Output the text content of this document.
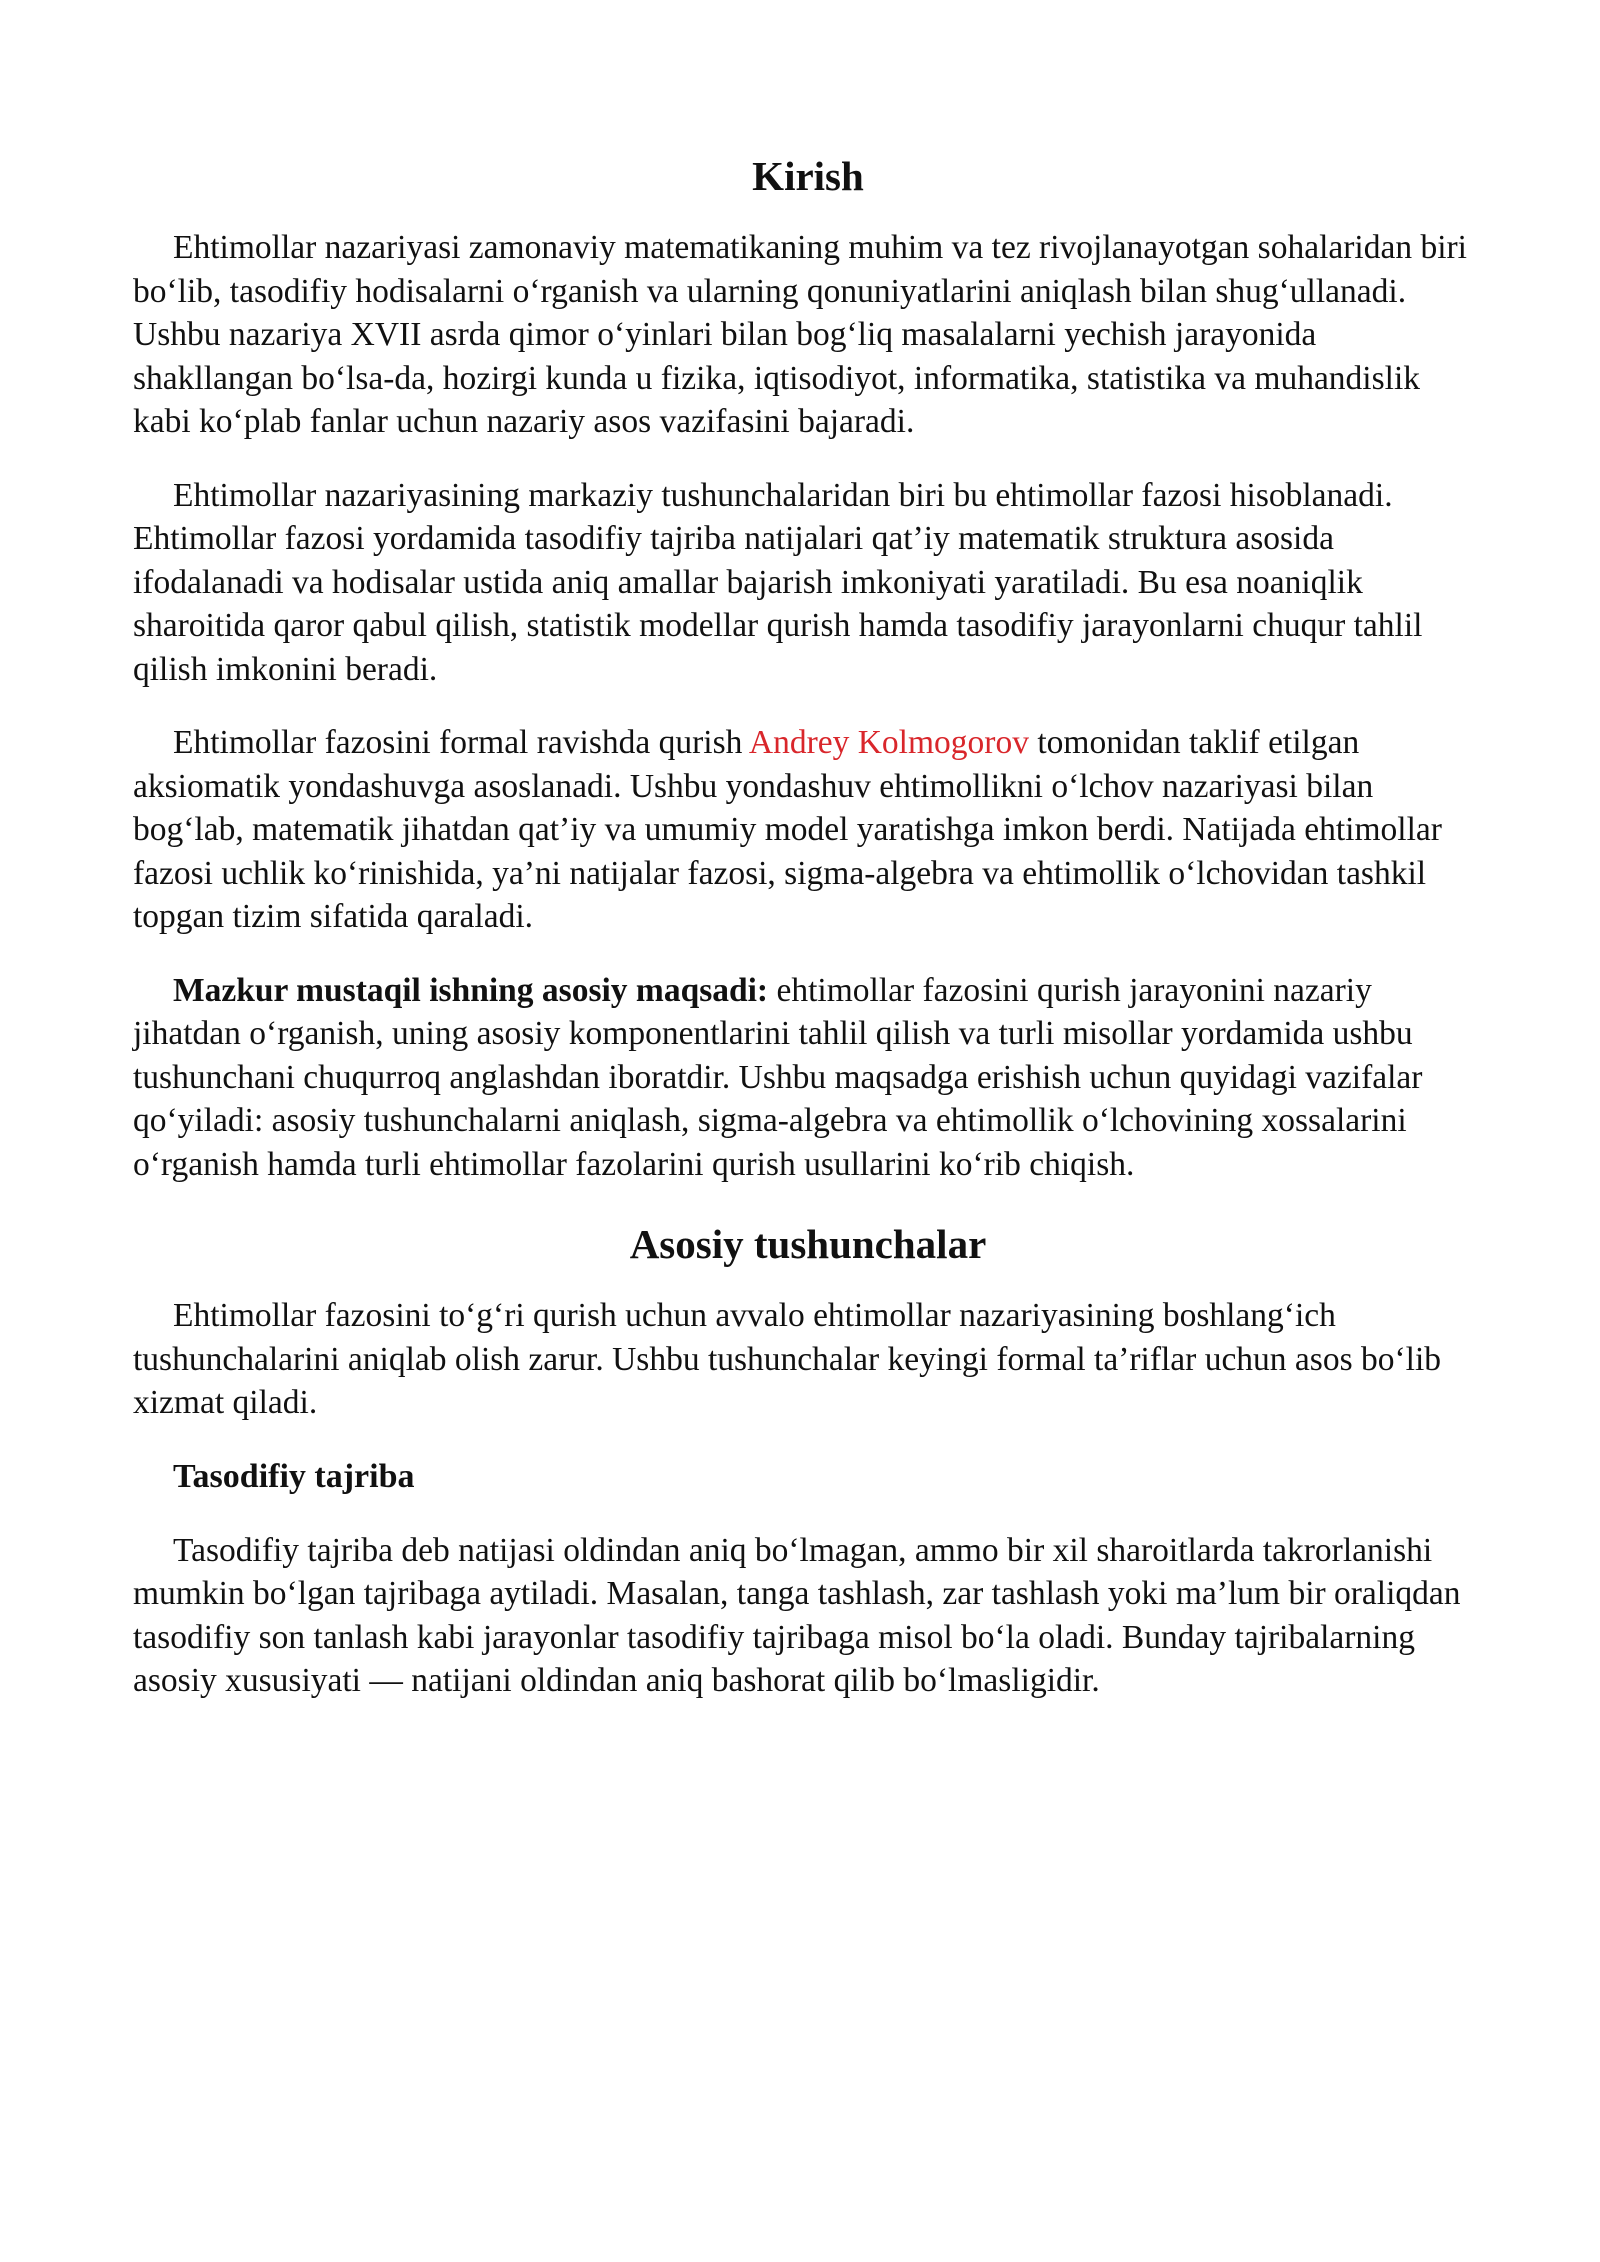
Kirish

Ehtimollar nazariyasi zamonaviy matematikaning muhim va tez rivojlanayotgan sohalaridan biri bo‘lib, tasodifiy hodisalarni o‘rganish va ularning qonuniyatlarini aniqlash bilan shug‘ullanadi. Ushbu nazariya XVII asrda qimor o‘yinlari bilan bog‘liq masalalarni yechish jarayonida shakllangan bo‘lsa-da, hozirgi kunda u fizika, iqtisodiyot, informatika, statistika va muhandislik kabi ko‘plab fanlar uchun nazariy asos vazifasini bajaradi.

Ehtimollar nazariyasining markaziy tushunchalaridan biri bu ehtimollar fazosi hisoblanadi. Ehtimollar fazosi yordamida tasodifiy tajriba natijalari qat’iy matematik struktura asosida ifodalanadi va hodisalar ustida aniq amallar bajarish imkoniyati yaratiladi. Bu esa noaniqlik sharoitida qaror qabul qilish, statistik modellar qurish hamda tasodifiy jarayonlarni chuqur tahlil qilish imkonini beradi.

Ehtimollar fazosini formal ravishda qurish Andrey Kolmogorov tomonidan taklif etilgan aksiomatik yondashuvga asoslanadi. Ushbu yondashuv ehtimollikni o‘lchov nazariyasi bilan bog‘lab, matematik jihatdan qat’iy va umumiy model yaratishga imkon berdi. Natijada ehtimollar fazosi uchlik ko‘rinishida, ya’ni natijalar fazosi, sigma-algebra va ehtimollik o‘lchovidan tashkil topgan tizim sifatida qaraladi.

Mazkur mustaqil ishning asosiy maqsadi: ehtimollar fazosini qurish jarayonini nazariy jihatdan o‘rganish, uning asosiy komponentlarini tahlil qilish va turli misollar yordamida ushbu tushunchani chuqurroq anglashdan iboratdir. Ushbu maqsadga erishish uchun quyidagi vazifalar qo‘yiladi: asosiy tushunchalarni aniqlash, sigma-algebra va ehtimollik o‘lchovining xossalarini o‘rganish hamda turli ehtimollar fazolarini qurish usullarini ko‘rib chiqish.

Asosiy tushunchalar

Ehtimollar fazosini to‘g‘ri qurish uchun avvalo ehtimollar nazariyasining boshlang‘ich tushunchalarini aniqlab olish zarur. Ushbu tushunchalar keyingi formal ta’riflar uchun asos bo‘lib xizmat qiladi.

Tasodifiy tajriba

Tasodifiy tajriba deb natijasi oldindan aniq bo‘lmagan, ammo bir xil sharoitlarda takrorlanishi mumkin bo‘lgan tajribaga aytiladi. Masalan, tanga tashlash, zar tashlash yoki ma’lum bir oraliqdan tasodifiy son tanlash kabi jarayonlar tasodifiy tajribaga misol bo‘la oladi. Bunday tajribalarning asosiy xususiyati — natijani oldindan aniq bashorat qilib bo‘lmasligidir.
